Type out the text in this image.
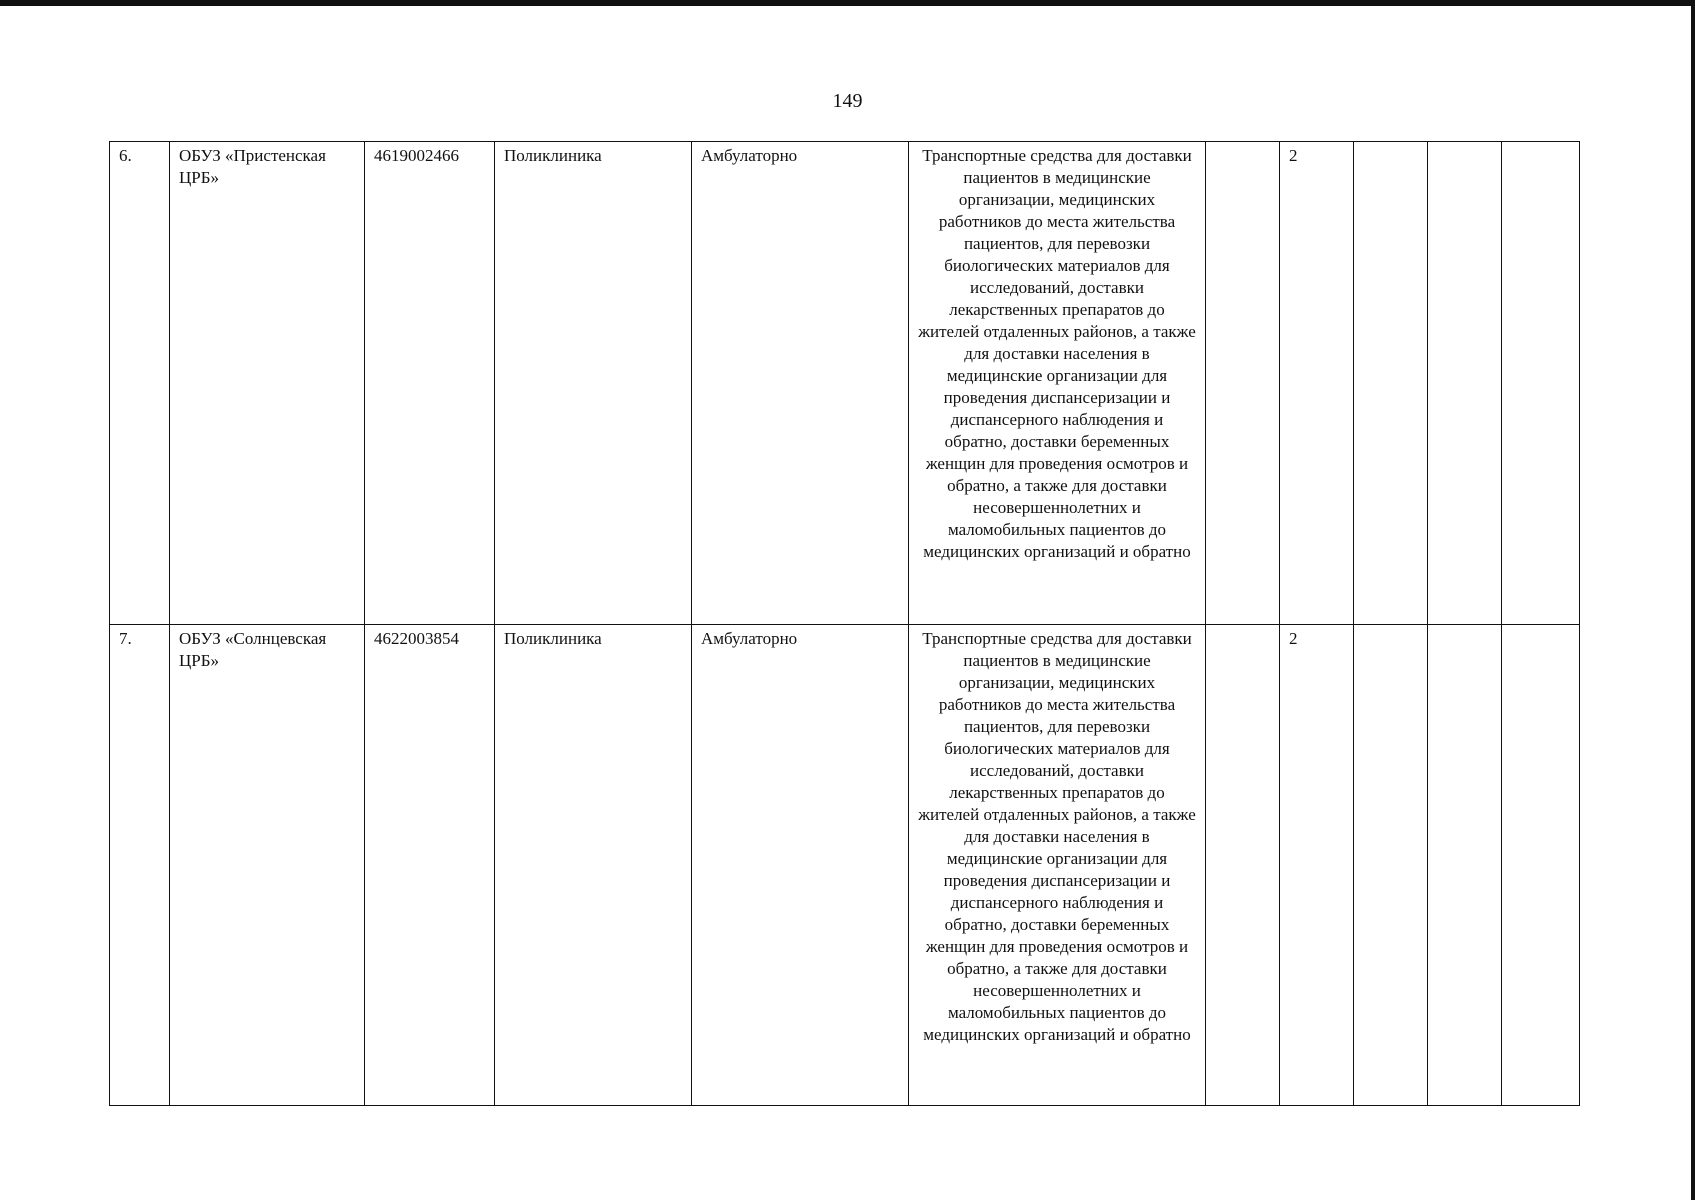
149
6.	ОБУЗ «Пристенская ЦРБ»	4619002466	Поликлиника	Амбулаторно	Транспортные средства для доставки пациентов в медицинские организации, медицинских работников до места жительства пациентов, для перевозки биологических материалов для исследований, доставки лекарственных препаратов до жителей отдаленных районов, а также для доставки населения в медицинские организации для проведения диспансеризации и диспансерного наблюдения и обратно, доставки беременных женщин для проведения осмотров и обратно, а также для доставки несовершеннолетних и маломобильных пациентов до медицинских организаций и обратно		2			
7.	ОБУЗ «Солнцевская ЦРБ»	4622003854	Поликлиника	Амбулаторно	Транспортные средства для доставки пациентов в медицинские организации, медицинских работников до места жительства пациентов, для перевозки биологических материалов для исследований, доставки лекарственных препаратов до жителей отдаленных районов, а также для доставки населения в медицинские организации для проведения диспансеризации и диспансерного наблюдения и обратно, доставки беременных женщин для проведения осмотров и обратно, а также для доставки несовершеннолетних и маломобильных пациентов до медицинских организаций и обратно		2			
